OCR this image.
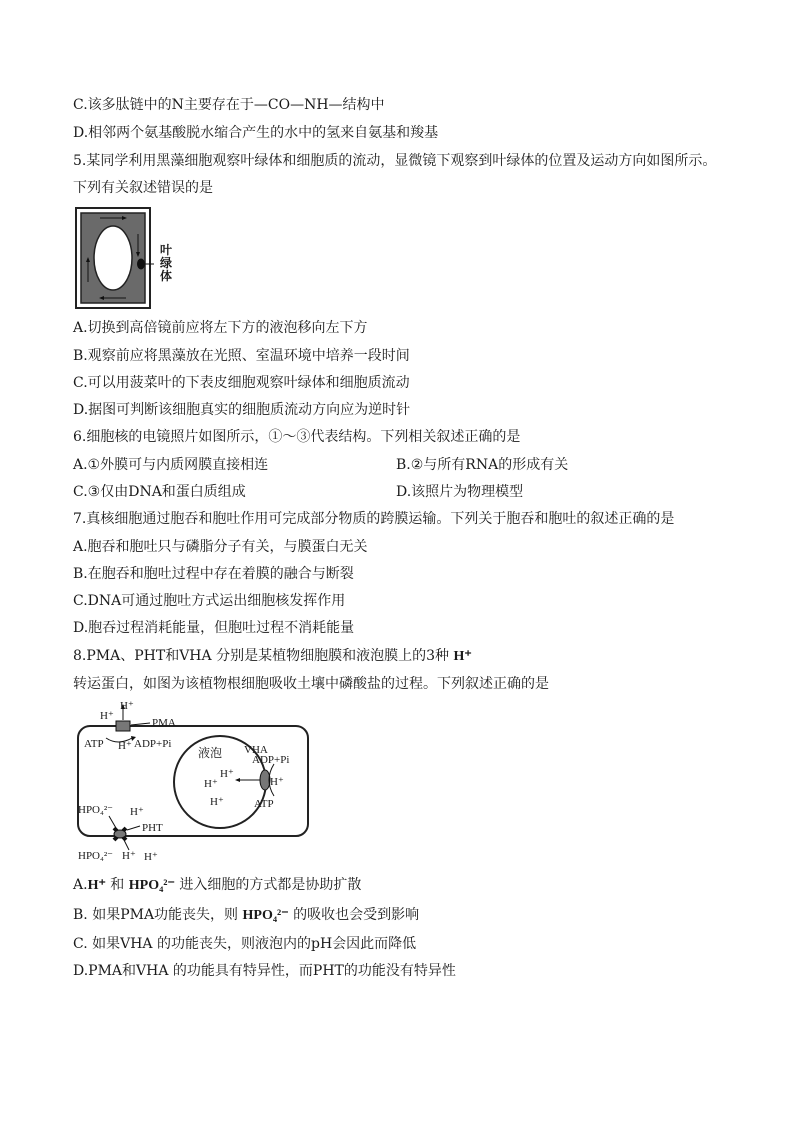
C.该多肽链中的N主要存在于—CO—NH—结构中
D.相邻两个氨基酸脱水缩合产生的水中的氢来自氨基和羧基
5.某同学利用黑藻细胞观察叶绿体和细胞质的流动，显微镜下观察到叶绿体的位置及运动方向如图所示。
下列有关叙述错误的是
叶
绿
体
A.切换到高倍镜前应将左下方的液泡移向左下方
B.观察前应将黑藻放在光照、室温环境中培养一段时间
C.可以用菠菜叶的下表皮细胞观察叶绿体和细胞质流动
D.据图可判断该细胞真实的细胞质流动方向应为逆时针
6.细胞核的电镜照片如图所示，①～③代表结构。下列相关叙述正确的是
A.①外膜可与内质网膜直接相连	B.②与所有RNA的形成有关
C.③仅由DNA和蛋白质组成	D.该照片为物理模型
7.真核细胞通过胞吞和胞吐作用可完成部分物质的跨膜运输。下列关于胞吞和胞吐的叙述正确的是
A.胞吞和胞吐只与磷脂分子有关，与膜蛋白无关
B.在胞吞和胞吐过程中存在着膜的融合与断裂
C.DNA可通过胞吐方式运出细胞核发挥作用
D.胞吞过程消耗能量，但胞吐过程不消耗能量
8.PMA、PHT和VHA 分别是某植物细胞膜和液泡膜上的3种 H⁺
转运蛋白，如图为该植物根细胞吸收土壤中磷酸盐的过程。下列叙述正确的是
H⁺
H⁺
PMA
ATP H⁺ ADP+Pi
液泡 VHA
ADP+Pi
H⁺
H⁺	H⁺
H⁺	ATP
HPO₄²⁻ H⁺
PHT
HPO₄²⁻ H⁺ H⁺
A.H⁺ 和 HPO₄²⁻ 进入细胞的方式都是协助扩散
B. 如果PMA功能丧失，则 HPO₄²⁻ 的吸收也会受到影响
C. 如果VHA 的功能丧失，则液泡内的pH会因此而降低
D.PMA和VHA 的功能具有特异性，而PHT的功能没有特异性
